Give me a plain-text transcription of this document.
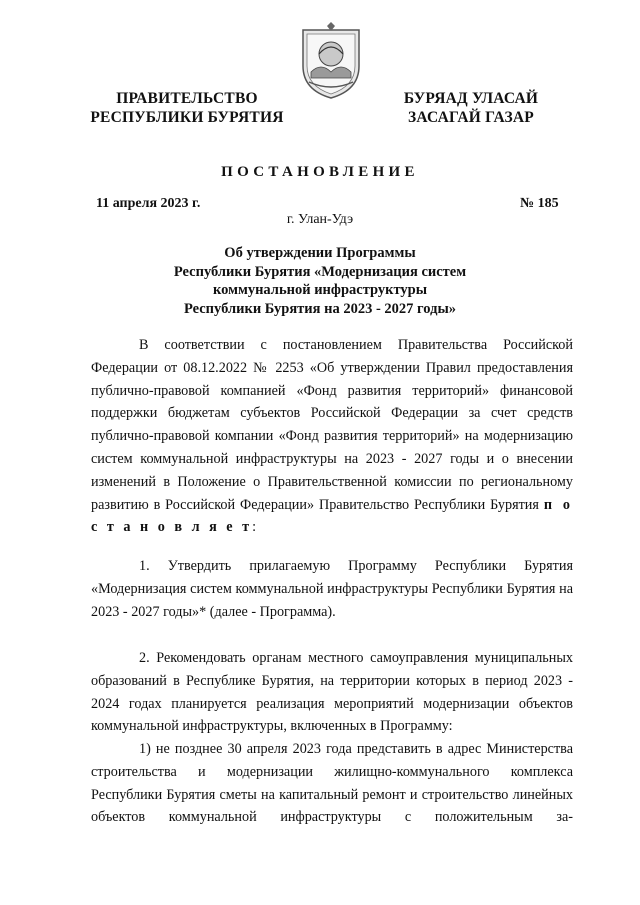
ПРАВИТЕЛЬСТВО
РЕСПУБЛИКИ БУРЯТИЯ
БУРЯАД УЛАСАЙ
ЗАСАГАЙ ГАЗАР
ПОСТАНОВЛЕНИЕ
11 апреля 2023 г.	№ 185
г. Улан-Удэ
Об утверждении Программы
Республики Бурятия «Модернизация систем
коммунальной инфраструктуры
Республики Бурятия на 2023 - 2027 годы»

В соответствии с постановлением Правительства Российской Федерации от 08.12.2022 № 2253 «Об утверждении Правил предоставления публично-правовой компанией «Фонд развития территорий» финансовой поддержки бюджетам субъектов Российской Федерации за счет средств публично-правовой компании «Фонд развития территорий» на модернизацию систем коммунальной инфраструктуры на 2023 - 2027 годы и о внесении изменений в Положение о Правительственной комиссии по региональному развитию в Российской Федерации» Правительство Республики Бурятия п о с т а н о в л я е т:

1. Утвердить прилагаемую Программу Республики Бурятия «Модернизация систем коммунальной инфраструктуры Республики Бурятия на 2023 - 2027 годы»* (далее - Программа).

2. Рекомендовать органам местного самоуправления муниципальных образований в Республике Бурятия, на территории которых в период 2023 - 2024 годах планируется реализация мероприятий модернизации объектов коммунальной инфраструктуры, включенных в Программу:

1) не позднее 30 апреля 2023 года представить в адрес Министерства строительства и модернизации жилищно-коммунального комплекса Республики Бурятия сметы на капитальный ремонт и строительство линейных объектов коммунальной инфраструктуры с положительным за-
